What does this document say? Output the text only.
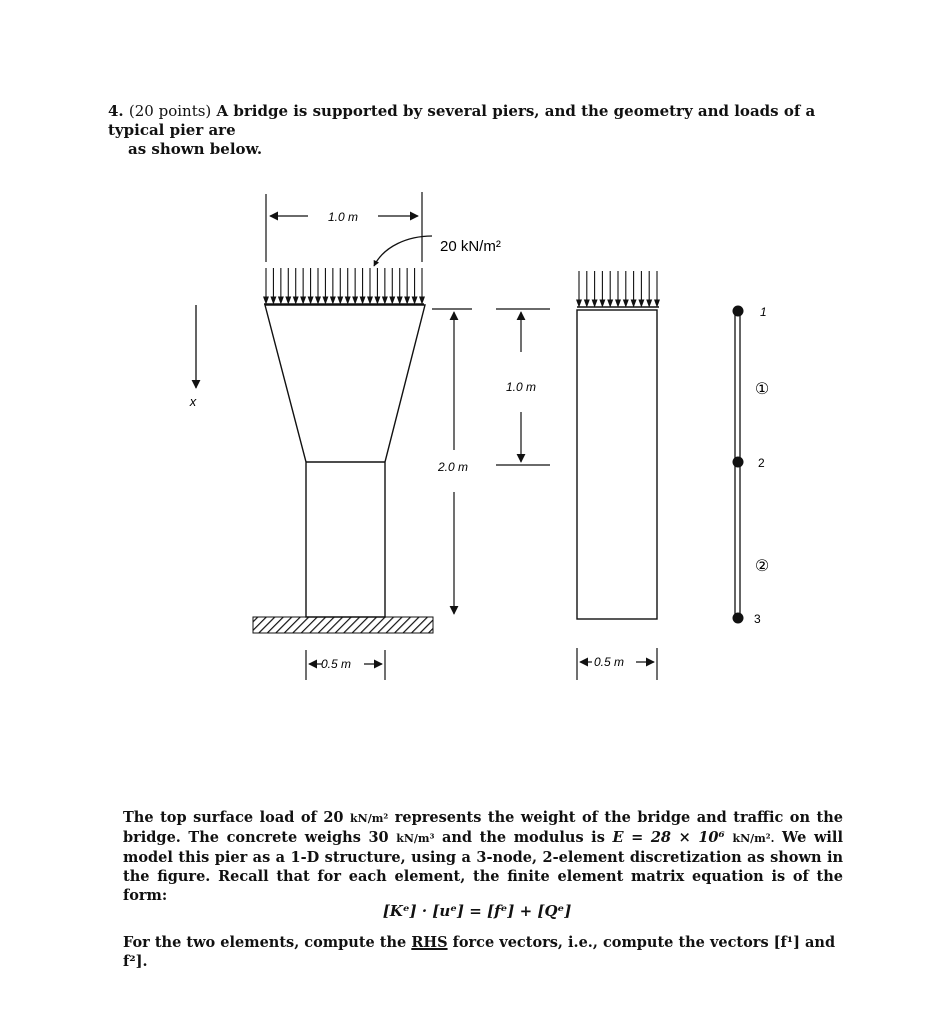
4. (20 points) A bridge is supported by several piers, and the geometry and loads of a typical pier are
as shown below.
1.0 m
20 kN/m²
x
2.0 m
1.0 m
0.5 m	0.5 m
1
2
3
①
②
The top surface load of 20 kN/m² represents the weight of the bridge and traffic on the bridge. The concrete weighs 30 kN/m³ and the modulus is E = 28 × 10⁶ kN/m². We will model this pier as a 1-D structure, using a 3-node, 2-element discretization as shown in the figure. Recall that for each element, the finite element matrix equation is of the form:
[Kᵉ] · [uᵉ] = [fᵉ] + [Qᵉ]
For the two elements, compute the RHS force vectors, i.e., compute the vectors [f¹] and f²].
